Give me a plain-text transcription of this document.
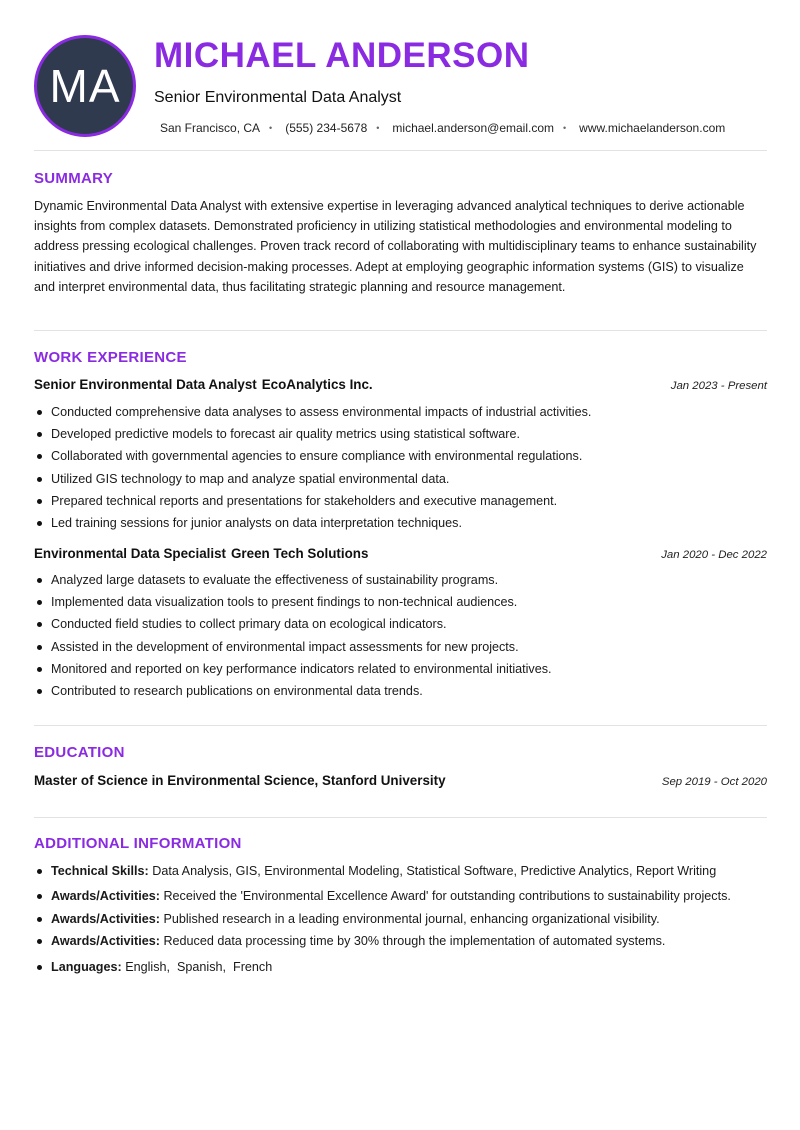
MA
MICHAEL ANDERSON
Senior Environmental Data Analyst
San Francisco, CA • (555) 234-5678 • michael.anderson@email.com • www.michaelanderson.com
SUMMARY

Dynamic Environmental Data Analyst with extensive expertise in leveraging advanced analytical techniques to derive actionable insights from complex datasets. Demonstrated proficiency in utilizing statistical methodologies and environmental modeling to address pressing ecological challenges. Proven track record of collaborating with multidisciplinary teams to enhance sustainability initiatives and drive informed decision-making processes. Adept at employing geographic information systems (GIS) to visualize and interpret environmental data, thus facilitating strategic planning and resource management.

WORK EXPERIENCE
Senior Environmental Data Analyst EcoAnalytics Inc.	Jan 2023 - Present
Conducted comprehensive data analyses to assess environmental impacts of industrial activities.
Developed predictive models to forecast air quality metrics using statistical software.
Collaborated with governmental agencies to ensure compliance with environmental regulations.
Utilized GIS technology to map and analyze spatial environmental data.
Prepared technical reports and presentations for stakeholders and executive management.
Led training sessions for junior analysts on data interpretation techniques.
Environmental Data Specialist Green Tech Solutions	Jan 2020 - Dec 2022
Analyzed large datasets to evaluate the effectiveness of sustainability programs.
Implemented data visualization tools to present findings to non-technical audiences.
Conducted field studies to collect primary data on ecological indicators.
Assisted in the development of environmental impact assessments for new projects.
Monitored and reported on key performance indicators related to environmental initiatives.
Contributed to research publications on environmental data trends.
EDUCATION
Master of Science in Environmental Science, Stanford University	Sep 2019 - Oct 2020
ADDITIONAL INFORMATION
Technical Skills: Data Analysis, GIS, Environmental Modeling, Statistical Software, Predictive Analytics, Report Writing
Awards/Activities: Received the 'Environmental Excellence Award' for outstanding contributions to sustainability projects.
Awards/Activities: Published research in a leading environmental journal, enhancing organizational visibility.
Awards/Activities: Reduced data processing time by 30% through the implementation of automated systems.
Languages: English,  Spanish,  French
